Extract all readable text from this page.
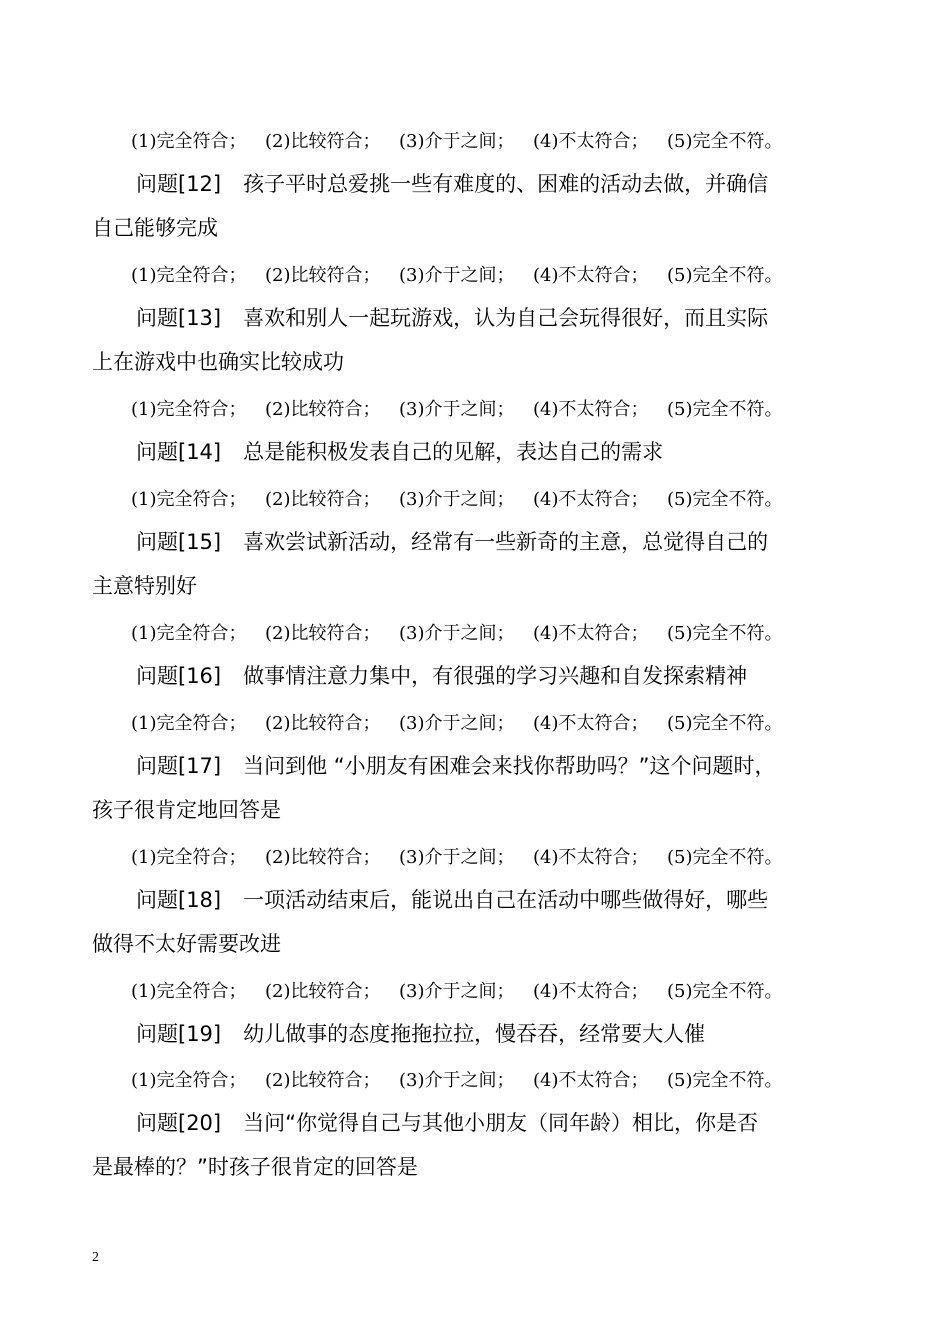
(1)完全符合； (2)比较符合； (3)介于之间； (4)不太符合； (5)完全不符。
问题[12] 孩子平时总爱挑一些有难度的、困难的活动去做，并确信
自己能够完成
(1)完全符合； (2)比较符合； (3)介于之间； (4)不太符合； (5)完全不符。
问题[13] 喜欢和别人一起玩游戏，认为自己会玩得很好，而且实际
上在游戏中也确实比较成功
(1)完全符合； (2)比较符合； (3)介于之间； (4)不太符合； (5)完全不符。
问题[14] 总是能积极发表自己的见解，表达自己的需求
(1)完全符合； (2)比较符合； (3)介于之间； (4)不太符合； (5)完全不符。
问题[15] 喜欢尝试新活动，经常有一些新奇的主意，总觉得自己的
主意特别好
(1)完全符合； (2)比较符合； (3)介于之间； (4)不太符合； (5)完全不符。
问题[16] 做事情注意力集中，有很强的学习兴趣和自发探索精神
(1)完全符合； (2)比较符合； (3)介于之间； (4)不太符合； (5)完全不符。
问题[17] 当问到他 “小朋友有困难会来找你帮助吗？”这个问题时，
孩子很肯定地回答是
(1)完全符合； (2)比较符合； (3)介于之间； (4)不太符合； (5)完全不符。
问题[18] 一项活动结束后，能说出自己在活动中哪些做得好，哪些
做得不太好需要改进
(1)完全符合； (2)比较符合； (3)介于之间； (4)不太符合； (5)完全不符。
问题[19] 幼儿做事的态度拖拖拉拉，慢吞吞，经常要大人催
(1)完全符合； (2)比较符合； (3)介于之间； (4)不太符合； (5)完全不符。
问题[20] 当问“你觉得自己与其他小朋友（同年龄）相比，你是否
是最棒的？”时孩子很肯定的回答是
2
